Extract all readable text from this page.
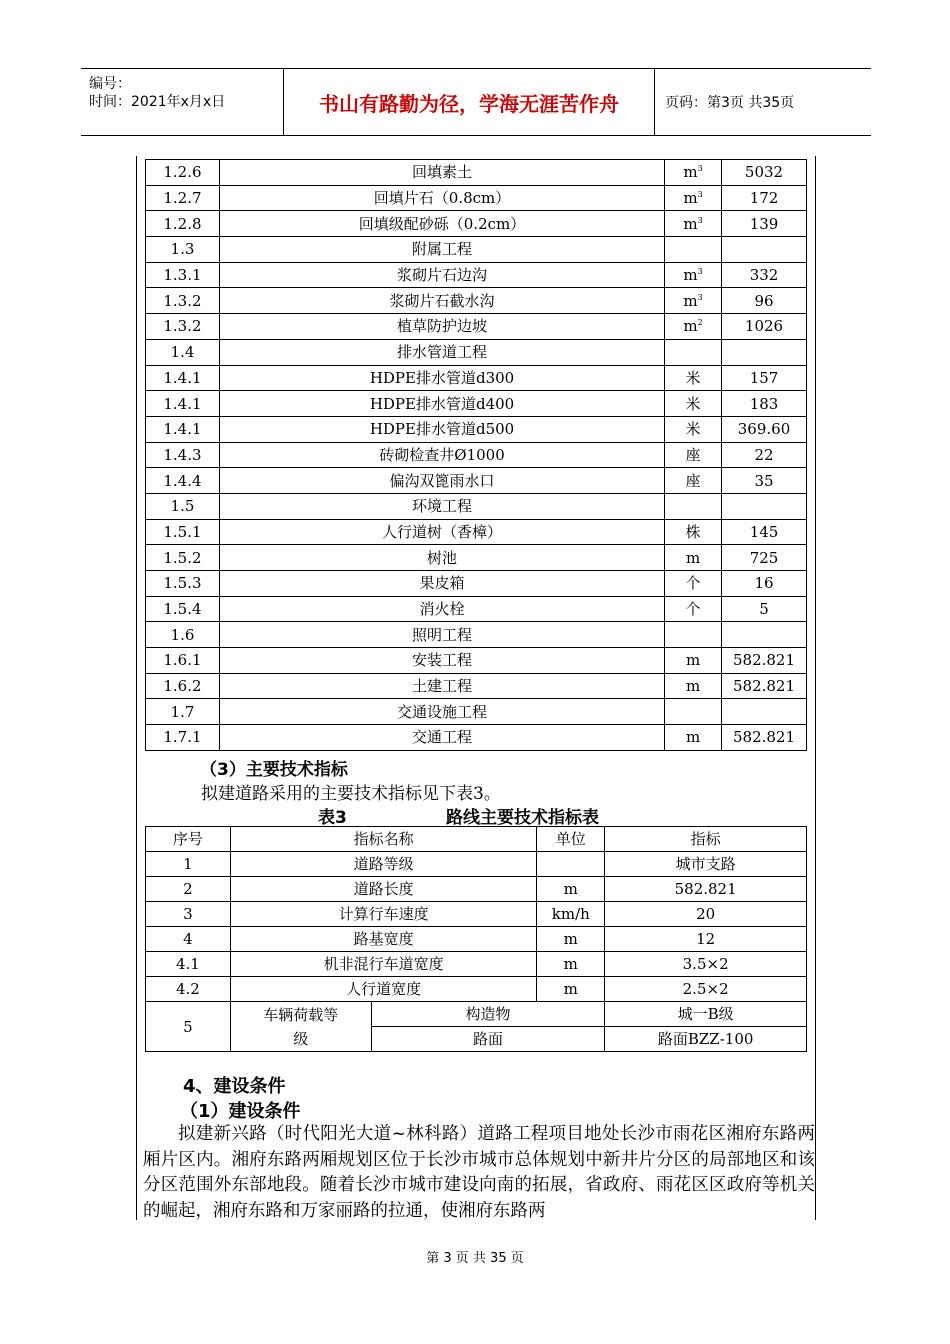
编号：
时间：2021年x月x日	书山有路勤为径，学海无涯苦作舟	页码：第3页 共35页
1.2.6	回填素土	$m^3$	5032
1.2.7	回填片石（0.8cm）	$m^3$	172
1.2.8	回填级配砂砾（0.2cm）	$m^3$	139
1.3	附属工程		
1.3.1	浆砌片石边沟	$m^3$	332
1.3.2	浆砌片石截水沟	$m^3$	96
1.3.2	植草防护边坡	$m^2$	1026
1.4	排水管道工程		
1.4.1	HDPE排水管道d300	米	157
1.4.1	HDPE排水管道d400	米	183
1.4.1	HDPE排水管道d500	米	369.60
1.4.3	砖砌检查井Ø1000	座	22
1.4.4	偏沟双篦雨水口	座	35
1.5	环境工程		
1.5.1	人行道树（香樟）	株	145
1.5.2	树池	m	725
1.5.3	果皮箱	个	16
1.5.4	消火栓	个	5
1.6	照明工程		
1.6.1	安装工程	m	582.821
1.6.2	土建工程	m	582.821
1.7	交通设施工程		
1.7.1	交通工程	m	582.821
（3）主要技术指标
拟建道路采用的主要技术指标见下表3。
表3	路线主要技术指标表
序号	指标名称		单位	指标
1	道路等级			城市支路
2	道路长度		m	582.821
3	计算行车速度		km/h	20
4	路基宽度		m	12
4.1	机非混行车道宽度		m	3.5×2
4.2	人行道宽度		m	2.5×2
5	车辆荷载等级	构造物		城一B级
		路面		路面BZZ-100
4、建设条件
（1）建设条件
拟建新兴路（时代阳光大道~林科路）道路工程项目地处长沙市雨花区湘府东路两厢片区内。湘府东路两厢规划区位于长沙市城市总体规划中新井片分区的局部地区和该分区范围外东部地段。随着长沙市城市建设向南的拓展，省政府、雨花区区政府等机关的崛起，湘府东路和万家丽路的拉通，使湘府东路两
第 3 页 共 35 页
